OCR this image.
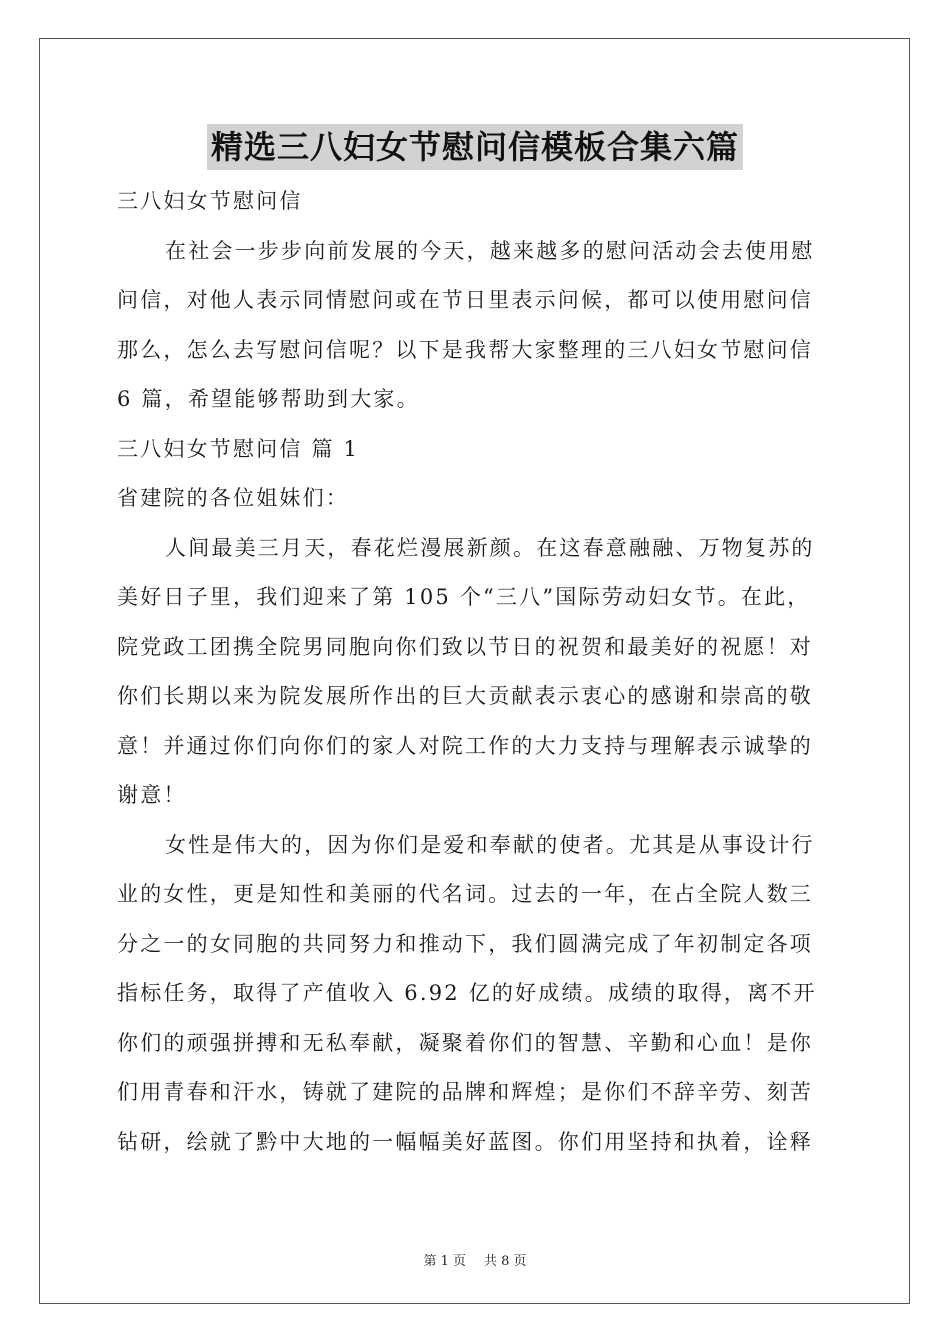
精选三八妇女节慰问信模板合集六篇
三八妇女节慰问信
在社会一步步向前发展的今天，越来越多的慰问活动会去使用慰
问信，对他人表示同情慰问或在节日里表示问候，都可以使用慰问信
那么，怎么去写慰问信呢？以下是我帮大家整理的三八妇女节慰问信
6 篇，希望能够帮助到大家。
三八妇女节慰问信 篇 1
省建院的各位姐妹们：
人间最美三月天，春花烂漫展新颜。在这春意融融、万物复苏的
美好日子里，我们迎来了第 105 个“三八”国际劳动妇女节。在此，
院党政工团携全院男同胞向你们致以节日的祝贺和最美好的祝愿！对
你们长期以来为院发展所作出的巨大贡献表示衷心的感谢和崇高的敬
意！并通过你们向你们的家人对院工作的大力支持与理解表示诚挚的
谢意！
女性是伟大的，因为你们是爱和奉献的使者。尤其是从事设计行
业的女性，更是知性和美丽的代名词。过去的一年，在占全院人数三
分之一的女同胞的共同努力和推动下，我们圆满完成了年初制定各项
指标任务，取得了产值收入 6.92 亿的好成绩。成绩的取得，离不开
你们的顽强拼搏和无私奉献，凝聚着你们的智慧、辛勤和心血！是你
们用青春和汗水，铸就了建院的品牌和辉煌；是你们不辞辛劳、刻苦
钻研，绘就了黔中大地的一幅幅美好蓝图。你们用坚持和执着，诠释
第 1 页 共 8 页
